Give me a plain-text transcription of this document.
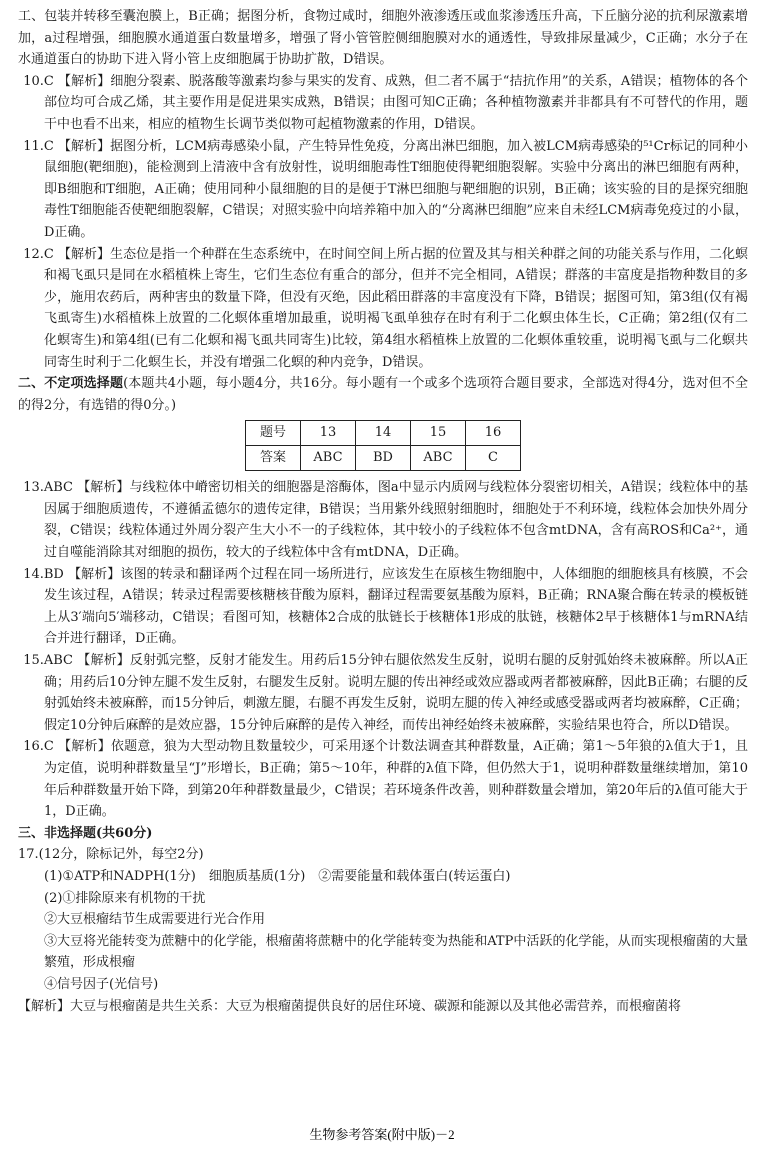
工、包装并转移至囊泡膜上，B正确；据图分析，食物过咸时，细胞外液渗透压或血浆渗透压升高，下丘脑分泌的抗利尿激素增加，a过程增强，细胞膜水通道蛋白数量增多，增强了肾小管管腔侧细胞膜对水的通透性，导致排尿量减少，C正确；水分子在水通道蛋白的协助下进入肾小管上皮细胞属于协助扩散，D错误。

10.C 【解析】细胞分裂素、脱落酸等激素均参与果实的发育、成熟，但二者不属于“拮抗作用”的关系，A错误；植物体的各个部位均可合成乙烯，其主要作用是促进果实成熟，B错误；由图可知C正确；各种植物激素并非都具有不可替代的作用，题干中也看不出来，相应的植物生长调节类似物可起植物激素的作用，D错误。

11.C 【解析】据图分析，LCM病毒感染小鼠，产生特异性免疫，分离出淋巴细胞，加入被LCM病毒感染的⁵¹Cr标记的同种小鼠细胞(靶细胞)，能检测到上清液中含有放射性，说明细胞毒性T细胞使得靶细胞裂解。实验中分离出的淋巴细胞有两种，即B细胞和T细胞，A正确；使用同种小鼠细胞的目的是便于T淋巴细胞与靶细胞的识别，B正确；该实验的目的是探究细胞毒性T细胞能否使靶细胞裂解，C错误；对照实验中向培养箱中加入的“分离淋巴细胞”应来自未经LCM病毒免疫过的小鼠，D正确。

12.C 【解析】生态位是指一个种群在生态系统中，在时间空间上所占据的位置及其与相关种群之间的功能关系与作用，二化螟和褐飞虱只是同在水稻植株上寄生，它们生态位有重合的部分，但并不完全相同，A错误；群落的丰富度是指物种数目的多少，施用农药后，两种害虫的数量下降，但没有灭绝，因此稻田群落的丰富度没有下降，B错误；据图可知，第3组(仅有褐飞虱寄生)水稻植株上放置的二化螟体重增加最重，说明褐飞虱单独存在时有利于二化螟虫体生长，C正确；第2组(仅有二化螟寄生)和第4组(已有二化螟和褐飞虱共同寄生)比较，第4组水稻植株上放置的二化螟体重较重，说明褐飞虱与二化螟共同寄生时利于二化螟生长，并没有增强二化螟的种内竞争，D错误。

二、不定项选择题(本题共4小题，每小题4分，共16分。每小题有一个或多个选项符合题目要求，全部选对得4分，选对但不全的得2分，有选错的得0分。)

题号	13	14	15	16
答案	ABC	BD	ABC	C

13.ABC 【解析】与线粒体中嵴密切相关的细胞器是溶酶体，图a中显示内质网与线粒体分裂密切相关，A错误；线粒体中的基因属于细胞质遗传，不遵循孟德尔的遗传定律，B错误；当用紫外线照射细胞时，细胞处于不利环境，线粒体会加快外周分裂，C错误；线粒体通过外周分裂产生大小不一的子线粒体，其中较小的子线粒体不包含mtDNA，含有高ROS和Ca²⁺，通过自噬能消除其对细胞的损伤，较大的子线粒体中含有mtDNA，D正确。

14.BD 【解析】该图的转录和翻译两个过程在同一场所进行，应该发生在原核生物细胞中，人体细胞的细胞核具有核膜，不会发生该过程，A错误；转录过程需要核糖核苷酸为原料，翻译过程需要氨基酸为原料，B正确；RNA聚合酶在转录的模板链上从3′端向5′端移动，C错误；看图可知，核糖体2合成的肽链长于核糖体1形成的肽链，核糖体2早于核糖体1与mRNA结合并进行翻译，D正确。

15.ABC 【解析】反射弧完整，反射才能发生。用药后15分钟右腿依然发生反射，说明右腿的反射弧始终未被麻醉。所以A正确；用药后10分钟左腿不发生反射，右腿发生反射。说明左腿的传出神经或效应器或两者都被麻醉，因此B正确；右腿的反射弧始终未被麻醉，而15分钟后，刺激左腿，右腿不再发生反射，说明左腿的传入神经或感受器或两者均被麻醉，C正确；假定10分钟后麻醉的是效应器，15分钟后麻醉的是传入神经，而传出神经始终未被麻醉，实验结果也符合，所以D错误。

16.C 【解析】依题意，狼为大型动物且数量较少，可采用逐个计数法调查其种群数量，A正确；第1～5年狼的λ值大于1，且为定值，说明种群数量呈“J”形增长，B正确；第5～10年，种群的λ值下降，但仍然大于1，说明种群数量继续增加，第10年后种群数量开始下降，到第20年种群数量最少，C错误；若环境条件改善，则种群数量会增加，第20年后的λ值可能大于1，D正确。

三、非选择题(共60分)

17.(12分，除标记外，每空2分)

(1)①ATP和NADPH(1分)　细胞质基质(1分)　②需要能量和载体蛋白(转运蛋白)

(2)①排除原来有机物的干扰

②大豆根瘤结节生成需要进行光合作用

③大豆将光能转变为蔗糖中的化学能，根瘤菌将蔗糖中的化学能转变为热能和ATP中活跃的化学能，从而实现根瘤菌的大量繁殖，形成根瘤

④信号因子(光信号)

【解析】大豆与根瘤菌是共生关系：大豆为根瘤菌提供良好的居住环境、碳源和能源以及其他必需营养，而根瘤菌将

生物参考答案(附中版)－2
